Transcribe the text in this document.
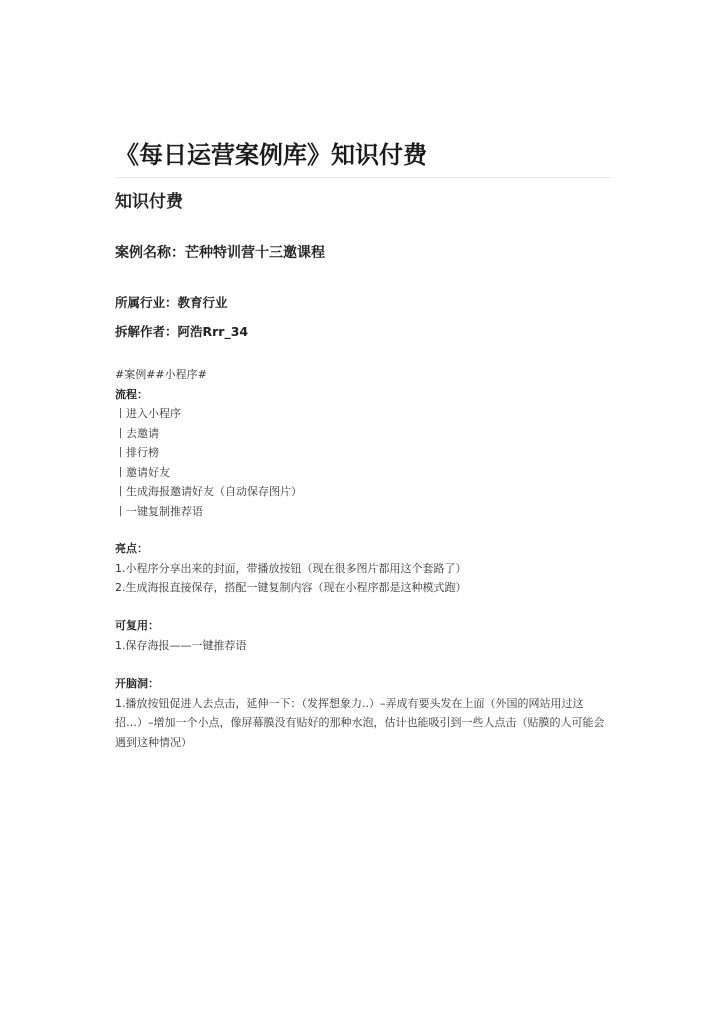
《每日运营案例库》知识付费
知识付费
案例名称：芒种特训营十三邀课程
所属行业：教育行业
拆解作者：阿浩Rrr_34
#案例##小程序#
流程：
丨进入小程序
丨去邀请
丨排行榜
丨邀请好友
丨生成海报邀请好友（自动保存图片）
丨一键复制推荐语
亮点：
1.小程序分享出来的封面，带播放按钮（现在很多图片都用这个套路了）
2.生成海报直接保存，搭配一键复制内容（现在小程序都是这种模式跑）
可复用：
1.保存海报——一键推荐语
开脑洞：
1.播放按钮促进人去点击，延伸一下：（发挥想象力..）–弄成有要头发在上面（外国的网站用过这招…）–增加一个小点，像屏幕膜没有贴好的那种水泡，估计也能吸引到一些人点击（贴膜的人可能会遇到这种情况）
